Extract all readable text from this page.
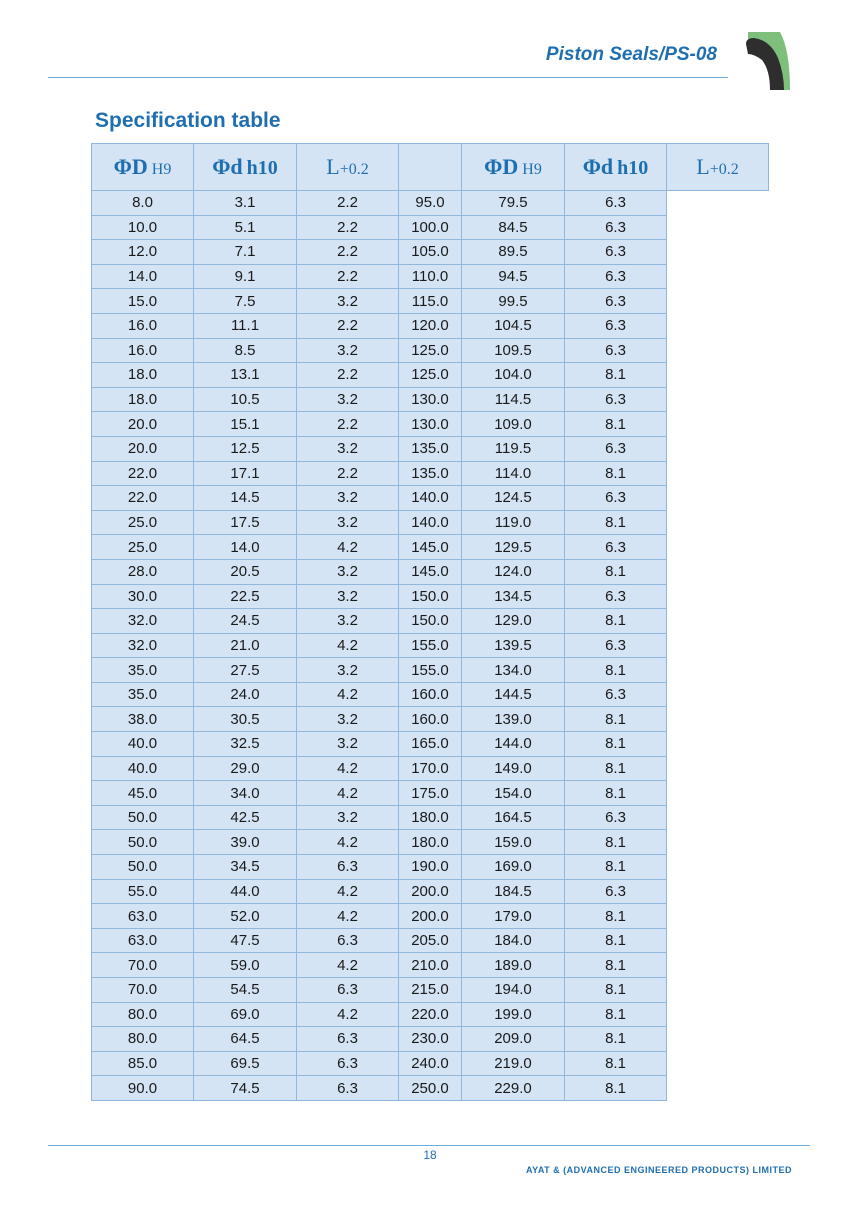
Piston Seals/PS-08
Specification table
ΦD H9	Φd h10	L+0.2		ΦD H9	Φd h10	L+0.2
8.0	3.1	2.2	95.0	79.5	6.3	
10.0	5.1	2.2	100.0	84.5	6.3	
12.0	7.1	2.2	105.0	89.5	6.3	
14.0	9.1	2.2	110.0	94.5	6.3	
15.0	7.5	3.2	115.0	99.5	6.3	
16.0	11.1	2.2	120.0	104.5	6.3	
16.0	8.5	3.2	125.0	109.5	6.3	
18.0	13.1	2.2	125.0	104.0	8.1	
18.0	10.5	3.2	130.0	114.5	6.3	
20.0	15.1	2.2	130.0	109.0	8.1	
20.0	12.5	3.2	135.0	119.5	6.3	
22.0	17.1	2.2	135.0	114.0	8.1	
22.0	14.5	3.2	140.0	124.5	6.3	
25.0	17.5	3.2	140.0	119.0	8.1	
25.0	14.0	4.2	145.0	129.5	6.3	
28.0	20.5	3.2	145.0	124.0	8.1	
30.0	22.5	3.2	150.0	134.5	6.3	
32.0	24.5	3.2	150.0	129.0	8.1	
32.0	21.0	4.2	155.0	139.5	6.3	
35.0	27.5	3.2	155.0	134.0	8.1	
35.0	24.0	4.2	160.0	144.5	6.3	
38.0	30.5	3.2	160.0	139.0	8.1	
40.0	32.5	3.2	165.0	144.0	8.1	
40.0	29.0	4.2	170.0	149.0	8.1	
45.0	34.0	4.2	175.0	154.0	8.1	
50.0	42.5	3.2	180.0	164.5	6.3	
50.0	39.0	4.2	180.0	159.0	8.1	
50.0	34.5	6.3	190.0	169.0	8.1	
55.0	44.0	4.2	200.0	184.5	6.3	
63.0	52.0	4.2	200.0	179.0	8.1	
63.0	47.5	6.3	205.0	184.0	8.1	
70.0	59.0	4.2	210.0	189.0	8.1	
70.0	54.5	6.3	215.0	194.0	8.1	
80.0	69.0	4.2	220.0	199.0	8.1	
80.0	64.5	6.3	230.0	209.0	8.1	
85.0	69.5	6.3	240.0	219.0	8.1	
90.0	74.5	6.3	250.0	229.0	8.1	
18
AYAT & (ADVANCED ENGINEERED PRODUCTS) LIMITED
